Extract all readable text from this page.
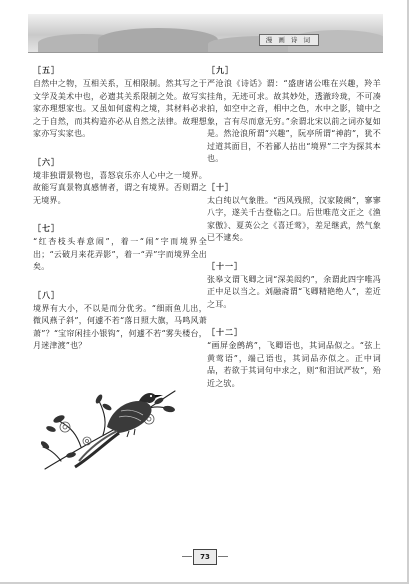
漫 画 诗 词
［五］
自然中之物，互相关系，互相限制。然其写之于文学及美术中也，必遗其关系限制之处。故写实家亦理想家也。又虽如何虚构之境，其材料必求之于自然，而其构造亦必从自然之法律。故理想家亦写实家也。
［六］
境非独谓景物也，喜怒哀乐亦人心中之一境界。故能写真景物真感情者，谓之有境界。否则谓之无境界。
［七］
“红杏枝头春意闹”，着一“闹”字而境界全出；“云破月来花弄影”，着一“弄”字而境界全出矣。
［八］
境界有大小，不以是而分优劣。“细雨鱼儿出，微风燕子斜”，何遽不若“落日照大旗，马鸣风萧萧”？“宝帘闲挂小银钩”，何遽不若“雾失楼台，月迷津渡”也？
［九］
严沧浪《诗话》谓：“盛唐诸公唯在兴趣，羚羊挂角，无迹可求。故其妙处，透澈玲珑，不可凑拍，如空中之音，相中之色，水中之影，镜中之象，言有尽而意无穷。”余谓北宋以前之词亦复如是。然沧浪所谓“兴趣”，阮亭所谓“神韵”，犹不过道其面目，不若鄙人拈出“境界”二字为探其本也。
［十］
太白纯以气象胜。“西风残照，汉家陵阙”，寥寥八字，遂关千古登临之口。后世唯范文正之《渔家傲》、夏英公之《喜迁莺》，差足继武，然气象已不逮矣。
［十一］
张皋文谓飞卿之词“深美闳约”，余谓此四字唯冯正中足以当之。刘融斋谓“飞卿精艳绝人”，差近之耳。
［十二］
“画屏金鹧鸪”，飞卿语也，其词品似之。“弦上黄莺语”，端己语也，其词品亦似之。正中词品，若欲于其词句中求之，则“和泪试严妆”，殆近之欤。
73
